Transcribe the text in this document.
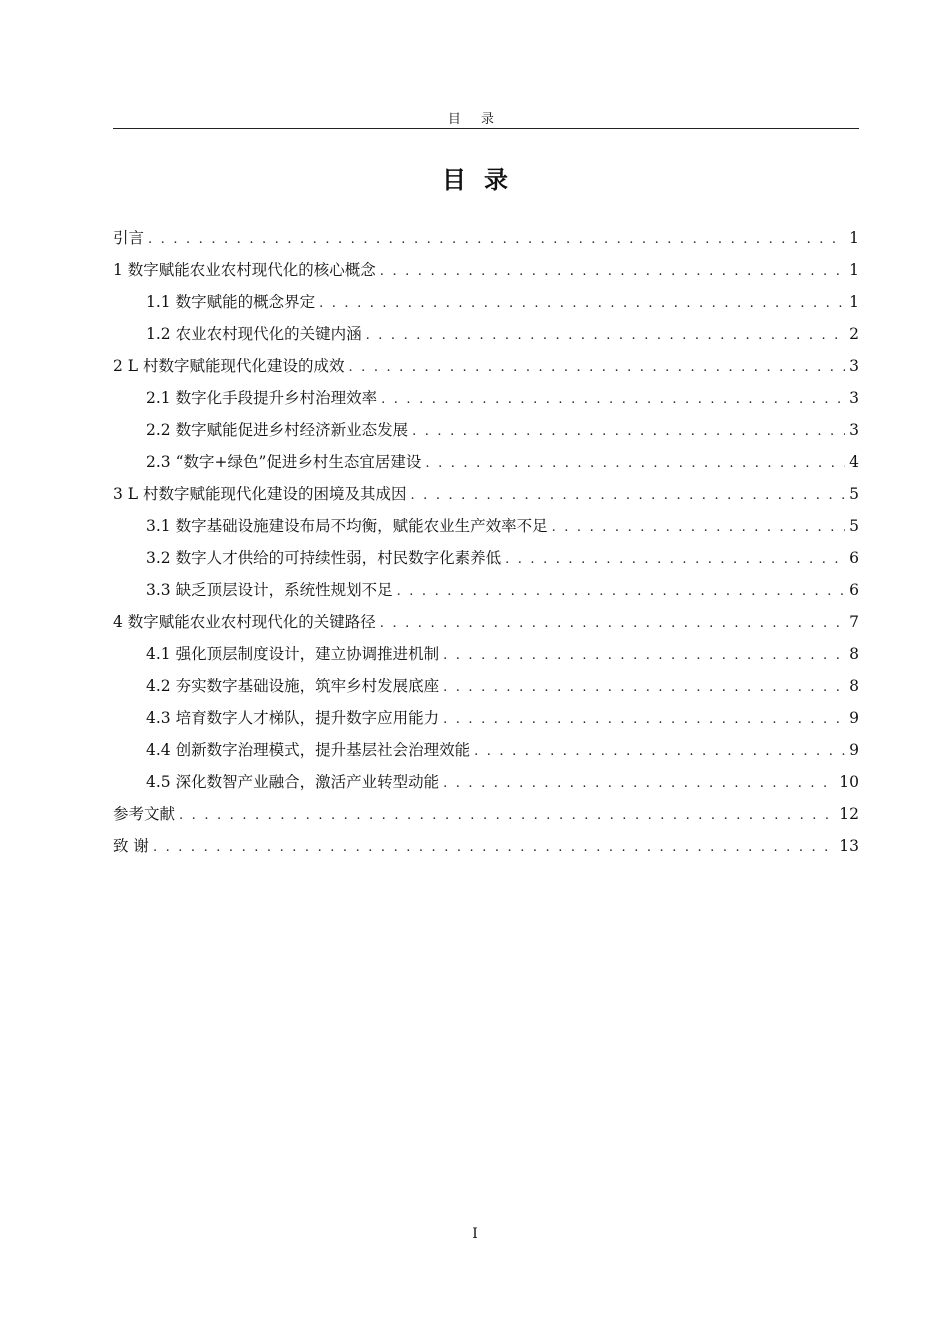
目 录
目录
引言 . . .	1
1 数字赋能农业农村现代化的核心概念 . . .	1
1.1 数字赋能的概念界定 . . .	1
1.2 农业农村现代化的关键内涵 . . .	2
2 L 村数字赋能现代化建设的成效 . . .	3
2.1 数字化手段提升乡村治理效率 . . .	3
2.2 数字赋能促进乡村经济新业态发展 . . .	3
2.3 “数字+绿色”促进乡村生态宜居建设 . . .	4
3 L 村数字赋能现代化建设的困境及其成因 . . .	5
3.1 数字基础设施建设布局不均衡，赋能农业生产效率不足 . . .	5
3.2 数字人才供给的可持续性弱，村民数字化素养低 . . .	6
3.3 缺乏顶层设计，系统性规划不足 . . .	6
4 数字赋能农业农村现代化的关键路径 . . .	7
4.1 强化顶层制度设计，建立协调推进机制 . . .	8
4.2 夯实数字基础设施，筑牢乡村发展底座 . . .	8
4.3 培育数字人才梯队，提升数字应用能力 . . .	9
4.4 创新数字治理模式，提升基层社会治理效能 . . .	9
4.5 深化数智产业融合，激活产业转型动能 . . .	10
参考文献 . . .	12
致 谢 . . .	13
I
